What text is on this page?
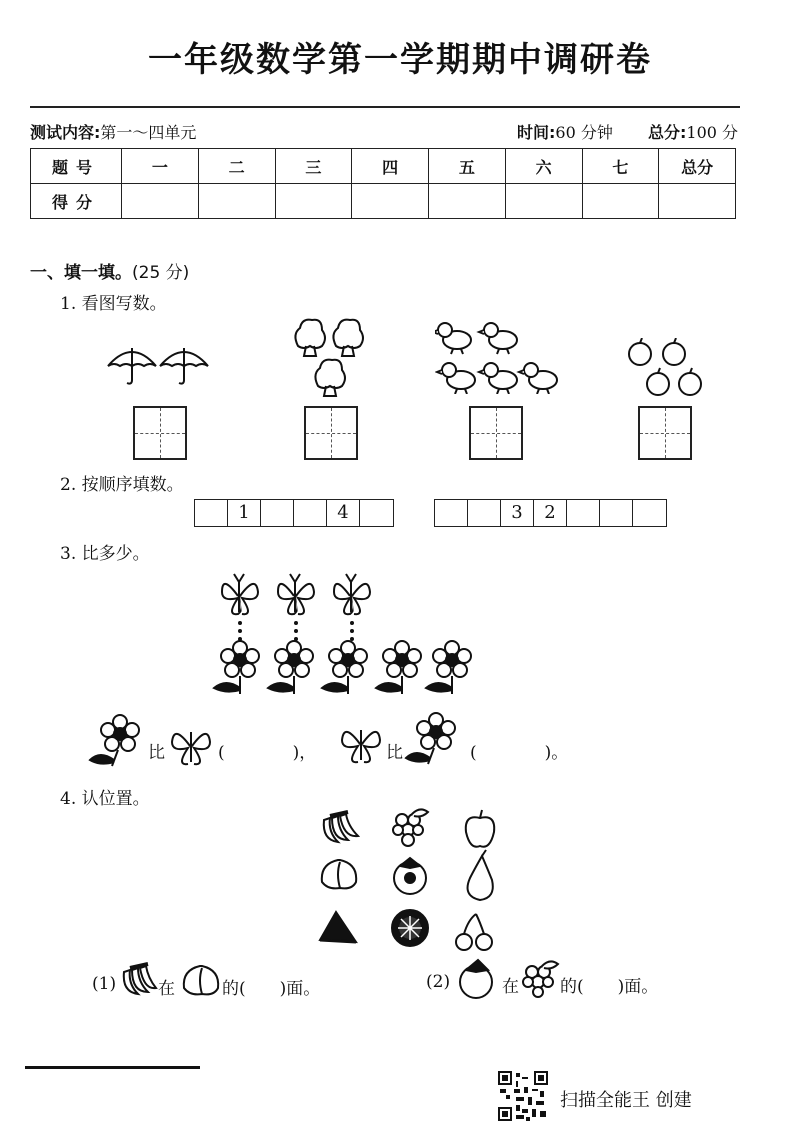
一年级数学第一学期期中调研卷
测试内容:第一～四单元	时间:60 分钟 总分:100 分
题号	一	二	三	四	五	六	七	总分
得分								
一、填一填。(25 分)
1. 看图写数。
2. 按顺序填数。
1	4	3	2
3. 比多少。
比	(　　　　)，	比	(　　　　)。
4. 认位置。
(1) 在	的(　　)面。	(2)	在 的(　　)面。
扫描全能王 创建
